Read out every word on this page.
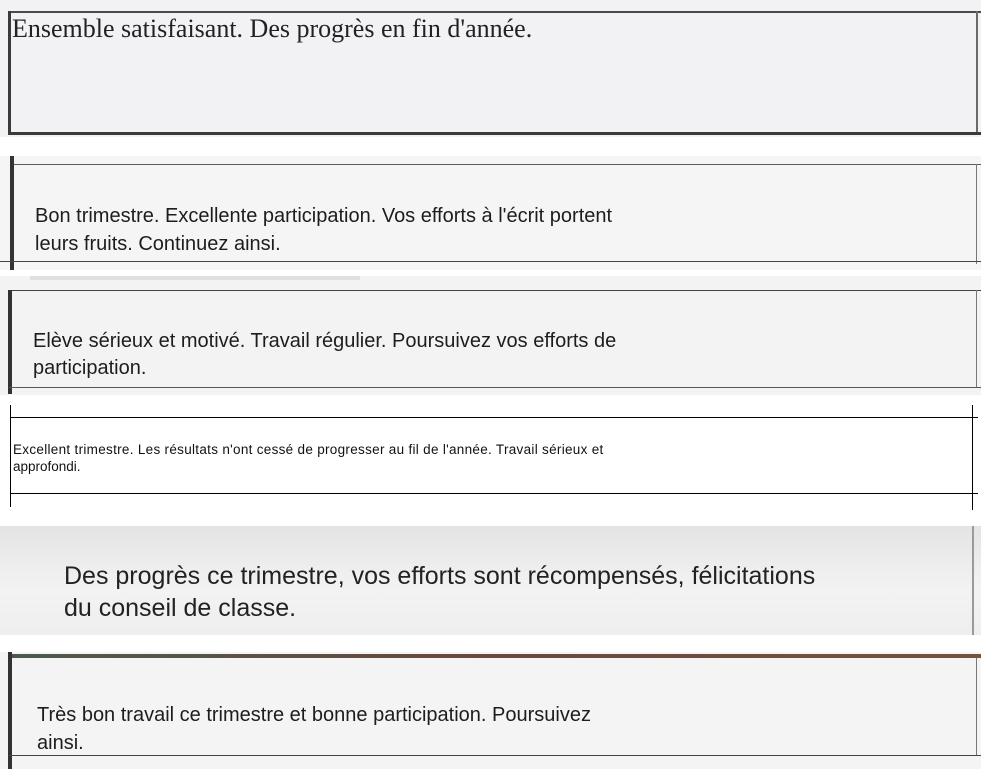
Ensemble satisfaisant. Des progrès en fin d'année.
Bon trimestre. Excellente participation. Vos efforts à l'écrit portent
leurs fruits. Continuez ainsi.
Elève sérieux et motivé. Travail régulier. Poursuivez vos efforts de
participation.
Excellent trimestre. Les résultats n'ont cessé de progresser au fil de l'année. Travail sérieux et
approfondi.
Des progrès ce trimestre, vos efforts sont récompensés, félicitations
du conseil de classe.
Très bon travail ce trimestre et bonne participation. Poursuivez
ainsi.
